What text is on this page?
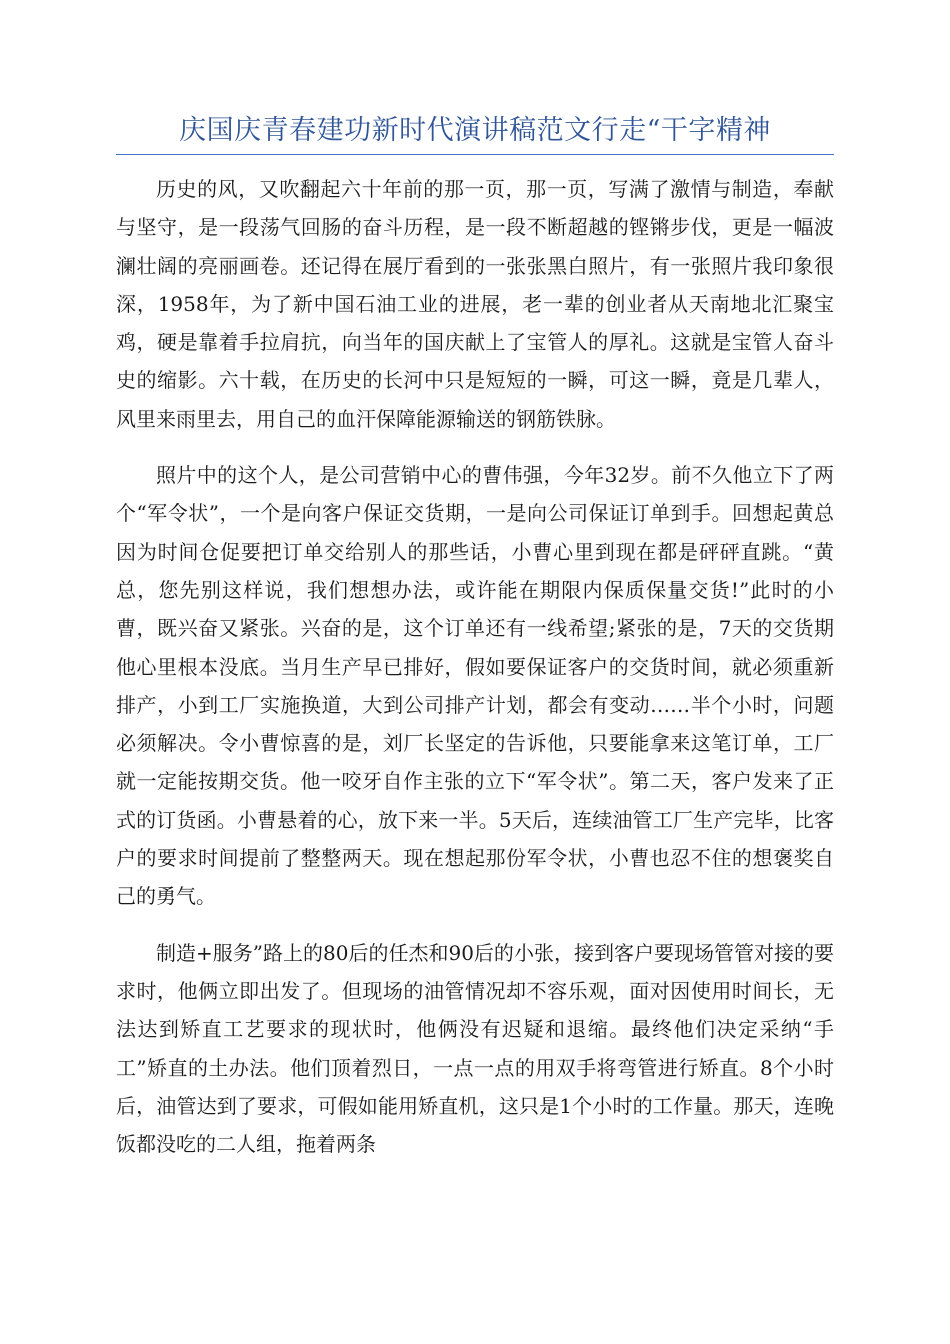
庆国庆青春建功新时代演讲稿范文行走“干字精神

历史的风，又吹翻起六十年前的那一页，那一页，写满了激情与制造，奉献与坚守，是一段荡气回肠的奋斗历程，是一段不断超越的铿锵步伐，更是一幅波澜壮阔的亮丽画卷。还记得在展厅看到的一张张黑白照片，有一张照片我印象很深，1958年，为了新中国石油工业的进展，老一辈的创业者从天南地北汇聚宝鸡，硬是靠着手拉肩抗，向当年的国庆献上了宝管人的厚礼。这就是宝管人奋斗史的缩影。六十载，在历史的长河中只是短短的一瞬，可这一瞬，竟是几辈人，风里来雨里去，用自己的血汗保障能源输送的钢筋铁脉。

照片中的这个人，是公司营销中心的曹伟强，今年32岁。前不久他立下了两个“军令状”，一个是向客户保证交货期，一是向公司保证订单到手。回想起黄总因为时间仓促要把订单交给别人的那些话，小曹心里到现在都是砰砰直跳。“黄总，您先别这样说，我们想想办法，或许能在期限内保质保量交货!”此时的小曹，既兴奋又紧张。兴奋的是，这个订单还有一线希望;紧张的是，7天的交货期他心里根本没底。当月生产早已排好，假如要保证客户的交货时间，就必须重新排产，小到工厂实施换道，大到公司排产计划，都会有变动……半个小时，问题必须解决。令小曹惊喜的是，刘厂长坚定的告诉他，只要能拿来这笔订单，工厂就一定能按期交货。他一咬牙自作主张的立下“军令状”。第二天，客户发来了正式的订货函。小曹悬着的心，放下来一半。5天后，连续油管工厂生产完毕，比客户的要求时间提前了整整两天。现在想起那份军令状，小曹也忍不住的想褒奖自己的勇气。

制造+服务”路上的80后的任杰和90后的小张，接到客户要现场管管对接的要求时，他俩立即出发了。但现场的油管情况却不容乐观，面对因使用时间长，无法达到矫直工艺要求的现状时，他俩没有迟疑和退缩。最终他们决定采纳“手工”矫直的土办法。他们顶着烈日，一点一点的用双手将弯管进行矫直。8个小时后，油管达到了要求，可假如能用矫直机，这只是1个小时的工作量。那天，连晚饭都没吃的二人组，拖着两条
